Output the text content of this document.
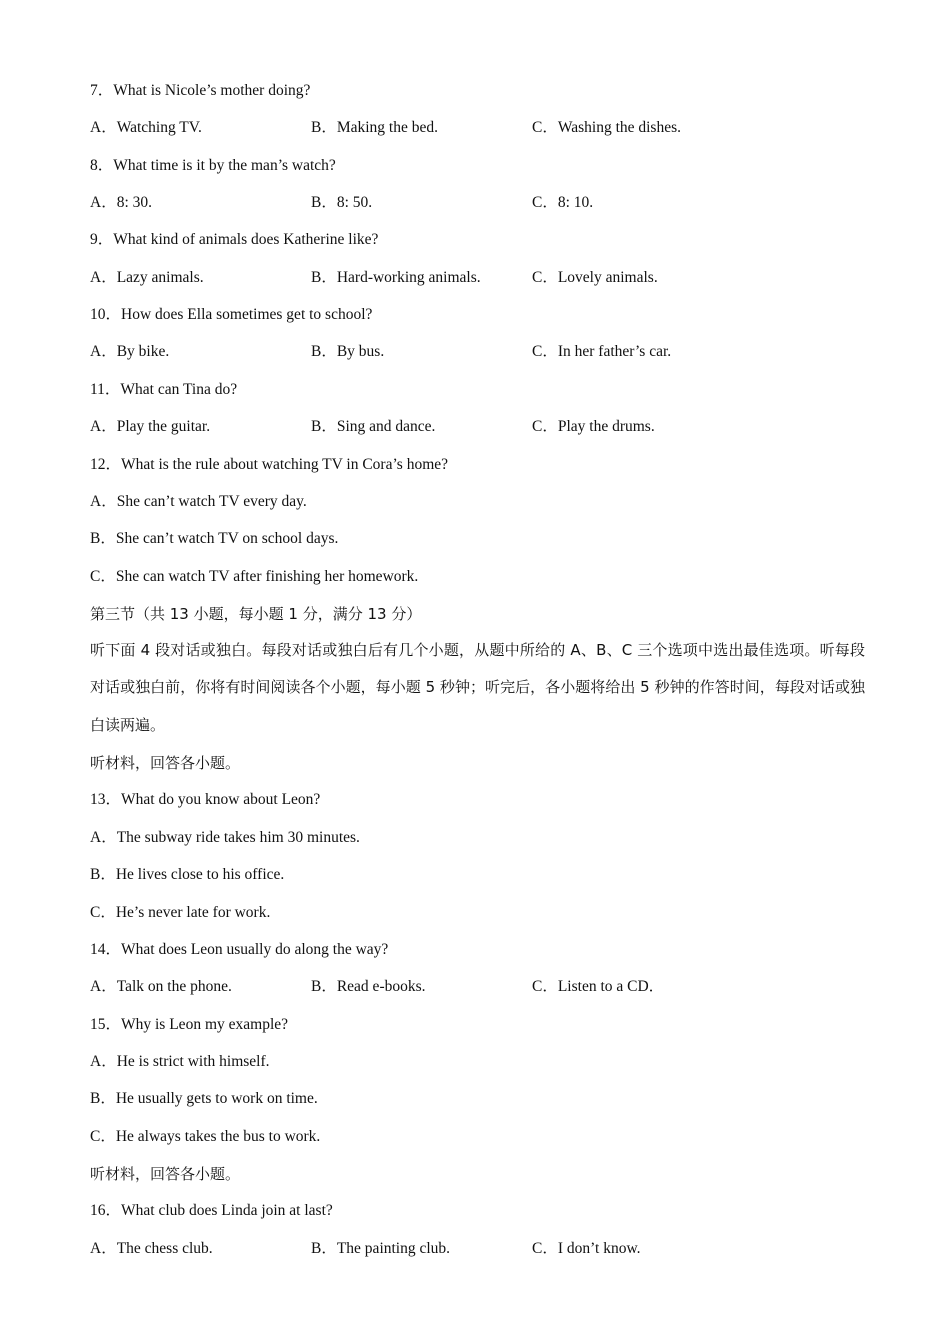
7．What is Nicole’s mother doing?
A．Watching TV.	B．Making the bed.	C．Washing the dishes.
8．What time is it by the man’s watch?
A．8: 30.	B．8: 50.	C．8: 10.
9．What kind of animals does Katherine like?
A．Lazy animals.	B．Hard-working animals.	C．Lovely animals.
10．How does Ella sometimes get to school?
A．By bike.	B．By bus.	C．In her father’s car.
11．What can Tina do?
A．Play the guitar.	B．Sing and dance.	C．Play the drums.
12．What is the rule about watching TV in Cora’s home?
A．She can’t watch TV every day.
B．She can’t watch TV on school days.
C．She can watch TV after finishing her homework.
第三节（共 13 小题，每小题 1 分，满分 13 分）
听下面 4 段对话或独白。每段对话或独白后有几个小题，从题中所给的 A、B、C 三个选项中选出最佳选项。听每段对话或独白前，你将有时间阅读各个小题，每小题 5 秒钟；听完后，各小题将给出 5 秒钟的作答时间，每段对话或独白读两遍。
听材料，回答各小题。
13．What do you know about Leon?
A．The subway ride takes him 30 minutes.
B．He lives close to his office.
C．He’s never late for work.
14．What does Leon usually do along the way?
A．Talk on the phone.	B．Read e-books.	C．Listen to a CD．
15．Why is Leon my example?
A．He is strict with himself.
B．He usually gets to work on time.
C．He always takes the bus to work.
听材料，回答各小题。
16．What club does Linda join at last?
A．The chess club.	B．The painting club.	C．I don’t know.
